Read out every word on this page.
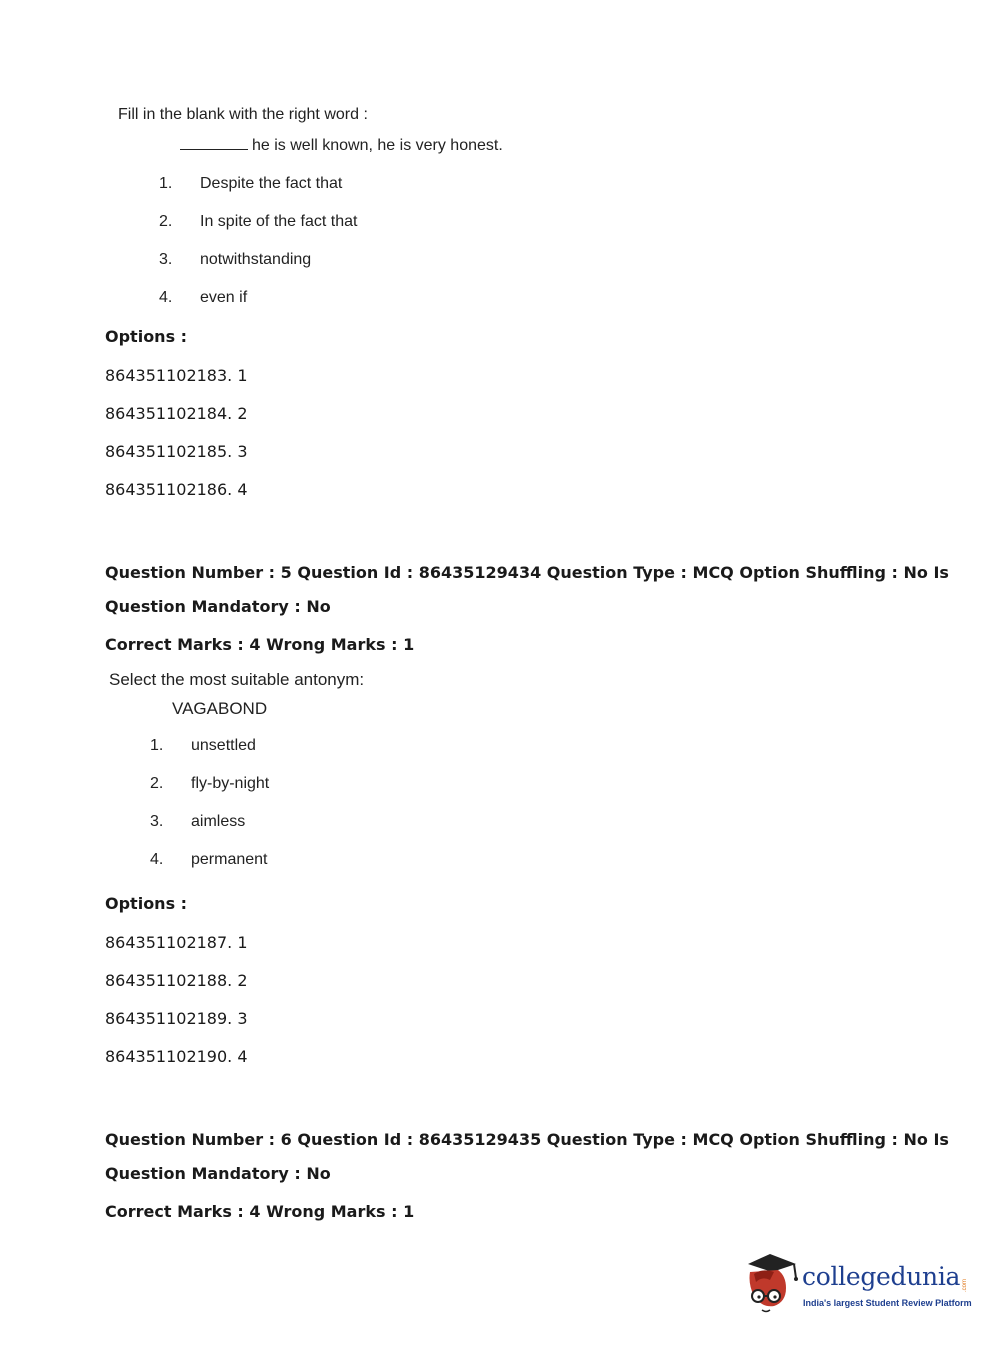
Fill in the blank with the right word :
he is well known, he is very honest.
1. Despite the fact that
2. In spite of the fact that
3. notwithstanding
4. even if
Options :
864351102183. 1
864351102184. 2
864351102185. 3
864351102186. 4
Question Number : 5 Question Id : 86435129434 Question Type : MCQ Option Shuffling : No Is
Question Mandatory : No
Correct Marks : 4 Wrong Marks : 1
Select the most suitable antonym:
VAGABOND
1. unsettled
2. fly-by-night
3. aimless
4. permanent
Options :
864351102187. 1
864351102188. 2
864351102189. 3
864351102190. 4
Question Number : 6 Question Id : 86435129435 Question Type : MCQ Option Shuffling : No Is
Question Mandatory : No
Correct Marks : 4 Wrong Marks : 1
collegedunia .com
India's largest Student Review Platform
